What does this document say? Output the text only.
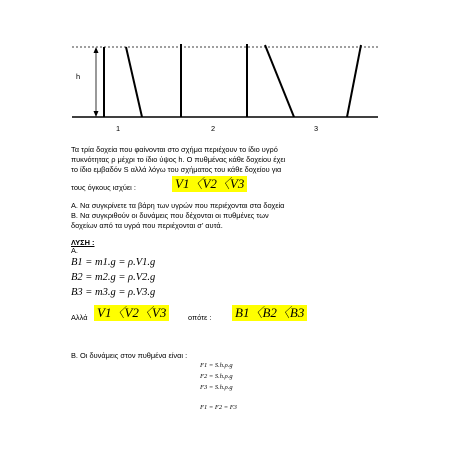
h
1	2	3
Τα τρία δοχεία που φαίνονται στο σχήμα περιέχουν το ίδιο υγρό
πυκνότητας ρ μέχρι το ίδιο ύψος h. Ο πυθμένας κάθε δοχείου έχει
το ίδιο εμβαδόν S αλλά λόγω του σχήματος του κάθε δοχείου για
τους όγκους ισχύει :	V1〈V2〈V3
Α. Να συγκρίνετε τα βάρη των υγρών που περιέχονται στα δοχεία
Β. Να συγκριθούν οι δυνάμεις που δέχονται οι πυθμένες των
δοχείων από τα υγρά που περιέχονται σ’ αυτά.
ΛΥΣΗ :
Α.
B1 = m1.g = ρ.V1.g
B2 = m2.g = ρ.V2.g
B3 = m3.g = ρ.V3.g
Αλλά V1〈V2〈V3	οπότε : B1〈B2〈B3
Β. Οι δυνάμεις στον πυθμένα είναι :
F1 = S.h.ρ.g
F2 = S.h.ρ.g
F3 = S.h.ρ.g
F1 = F2 = F3
